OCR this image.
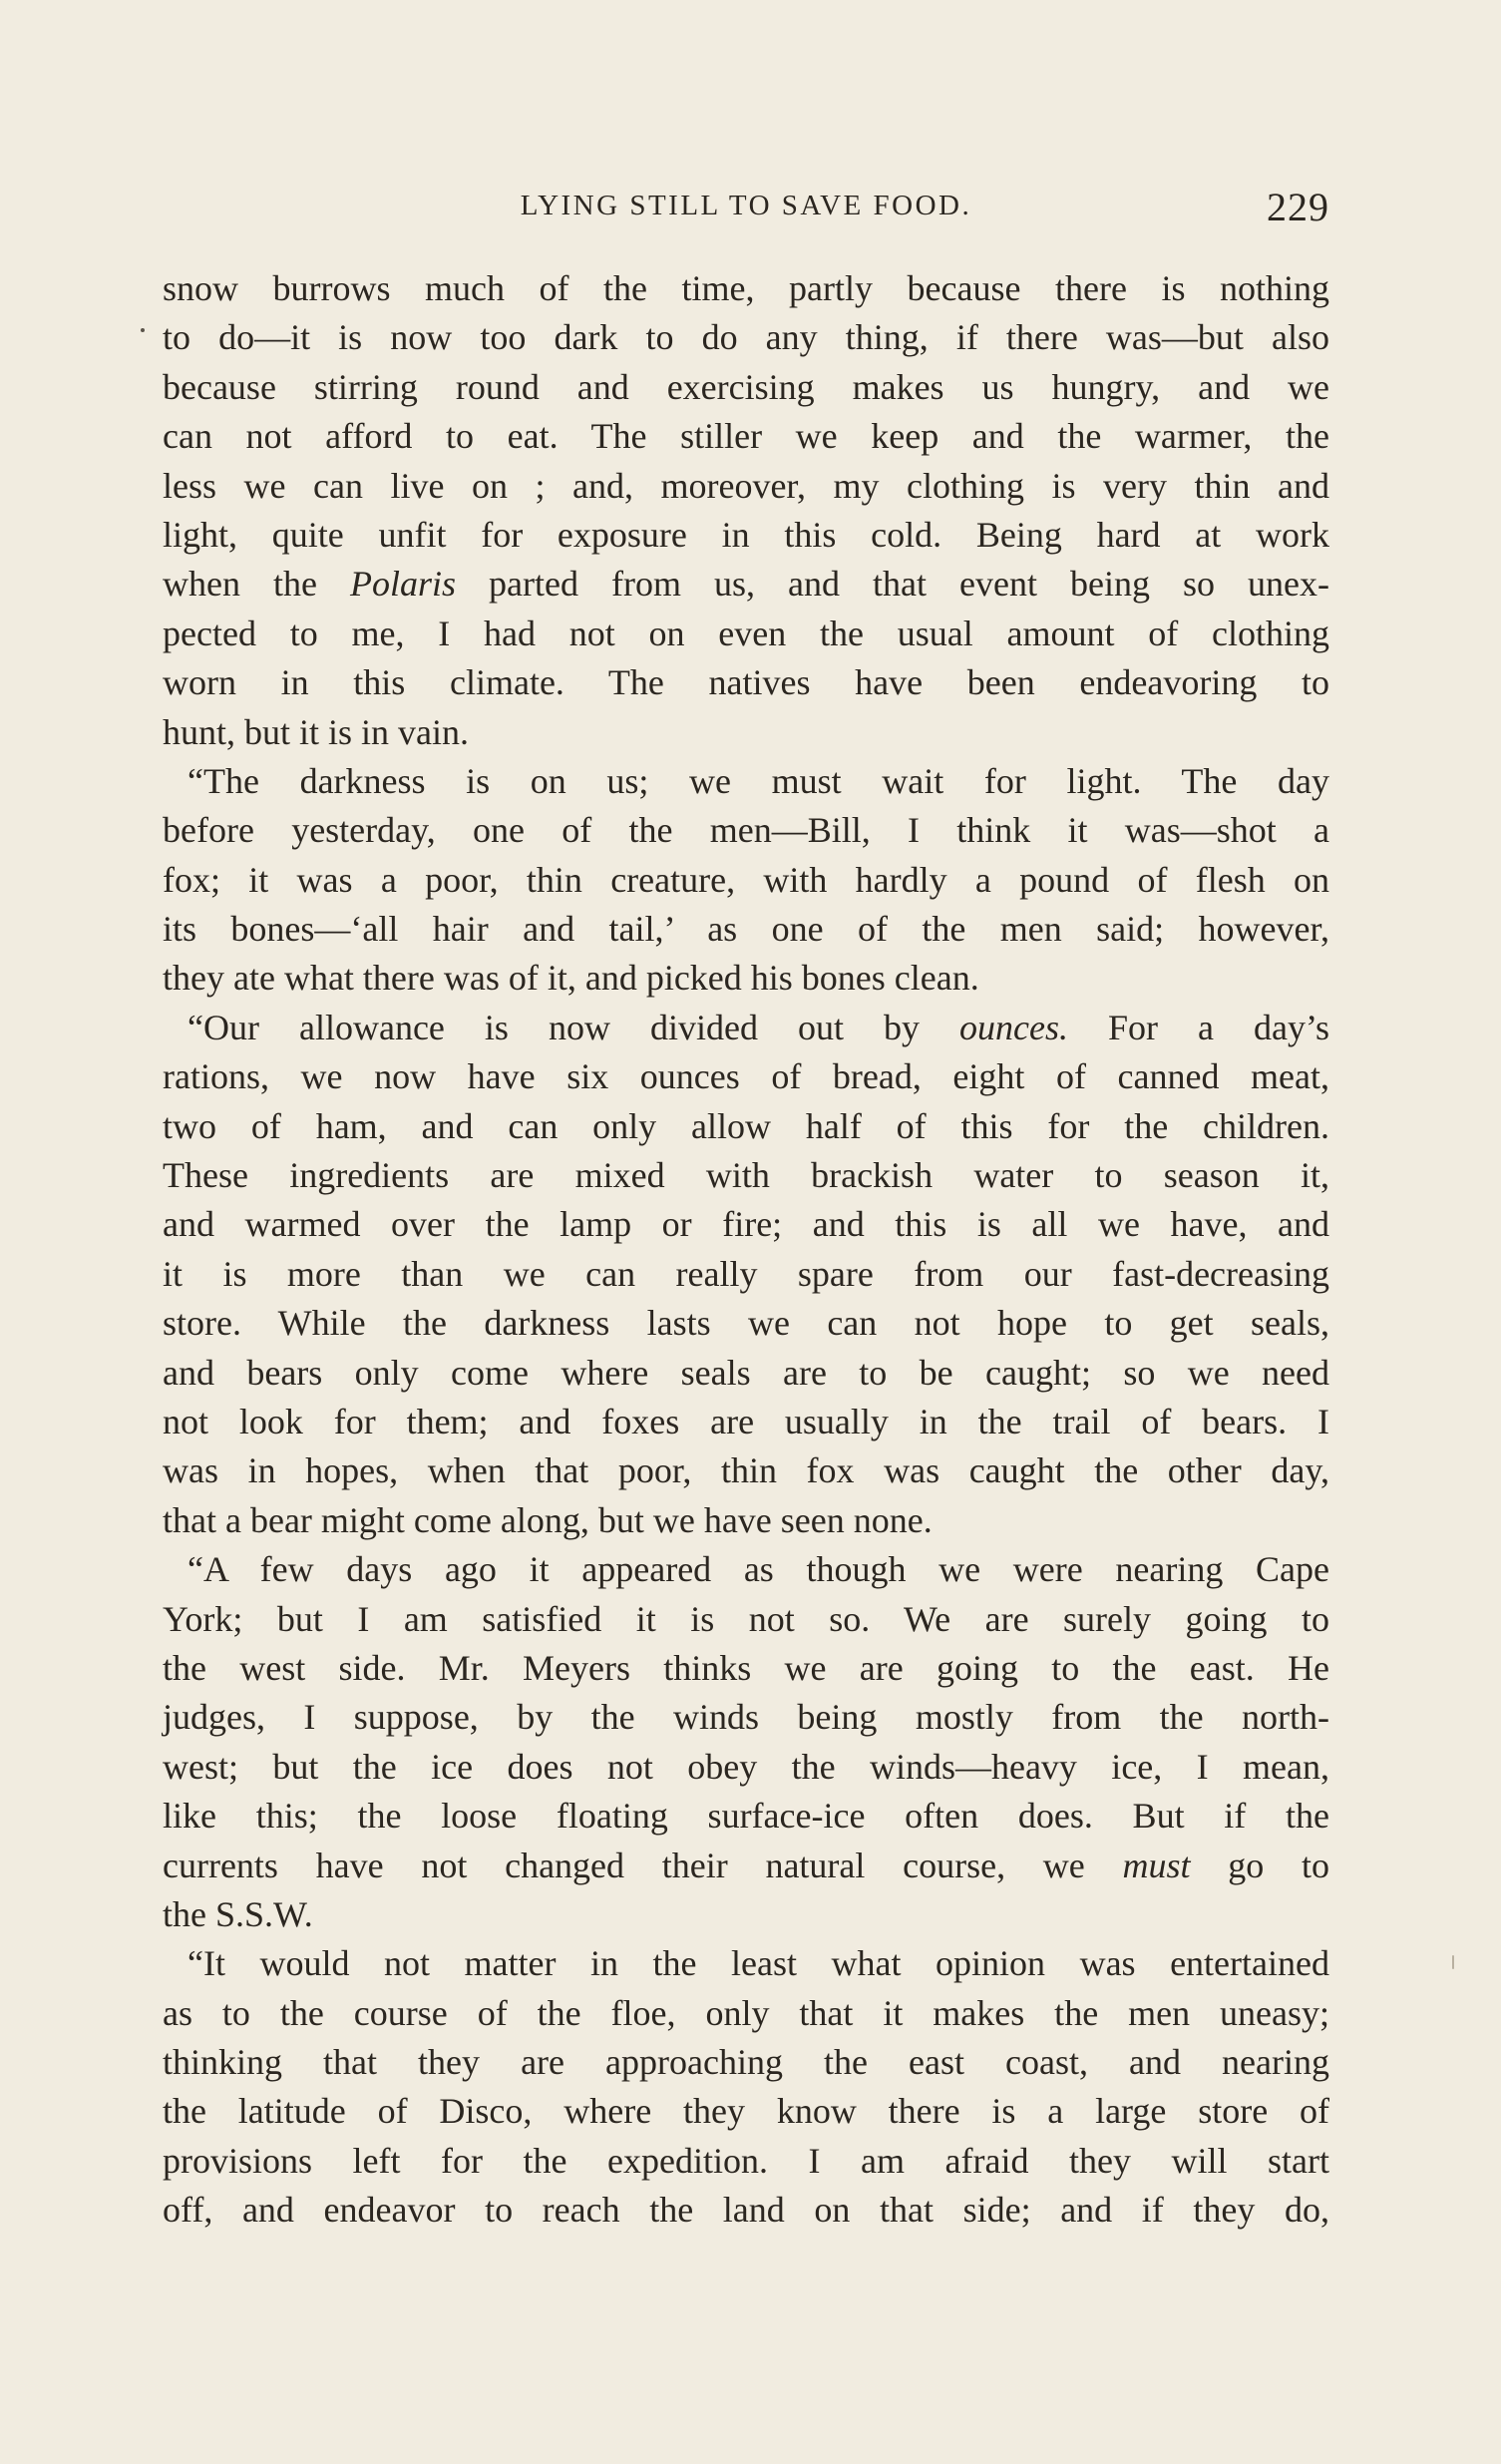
LYING STILL TO SAVE FOOD.	229
snow burrows much of the time, partly because there is nothing
to do—it is now too dark to do any thing, if there was—but also
because stirring round and exercising makes us hungry, and we
can not afford to eat. The stiller we keep and the warmer, the
less we can live on ; and, moreover, my clothing is very thin and
light, quite unfit for exposure in this cold. Being hard at work
when the Polaris parted from us, and that event being so unex-
pected to me, I had not on even the usual amount of clothing
worn in this climate. The natives have been endeavoring to
hunt, but it is in vain.
“The darkness is on us; we must wait for light. The day
before yesterday, one of the men—Bill, I think it was—shot a
fox; it was a poor, thin creature, with hardly a pound of flesh on
its bones—‘all hair and tail,’ as one of the men said; however,
they ate what there was of it, and picked his bones clean.
“Our allowance is now divided out by ounces. For a day’s
rations, we now have six ounces of bread, eight of canned meat,
two of ham, and can only allow half of this for the children.
These ingredients are mixed with brackish water to season it,
and warmed over the lamp or fire; and this is all we have, and
it is more than we can really spare from our fast-decreasing
store. While the darkness lasts we can not hope to get seals,
and bears only come where seals are to be caught; so we need
not look for them; and foxes are usually in the trail of bears. I
was in hopes, when that poor, thin fox was caught the other day,
that a bear might come along, but we have seen none.
“A few days ago it appeared as though we were nearing Cape
York; but I am satisfied it is not so. We are surely going to
the west side. Mr. Meyers thinks we are going to the east. He
judges, I suppose, by the winds being mostly from the north-
west; but the ice does not obey the winds—heavy ice, I mean,
like this; the loose floating surface-ice often does. But if the
currents have not changed their natural course, we must go to
the S.S.W.
“It would not matter in the least what opinion was entertained
as to the course of the floe, only that it makes the men uneasy;
thinking that they are approaching the east coast, and nearing
the latitude of Disco, where they know there is a large store of
provisions left for the expedition. I am afraid they will start
off, and endeavor to reach the land on that side; and if they do,
